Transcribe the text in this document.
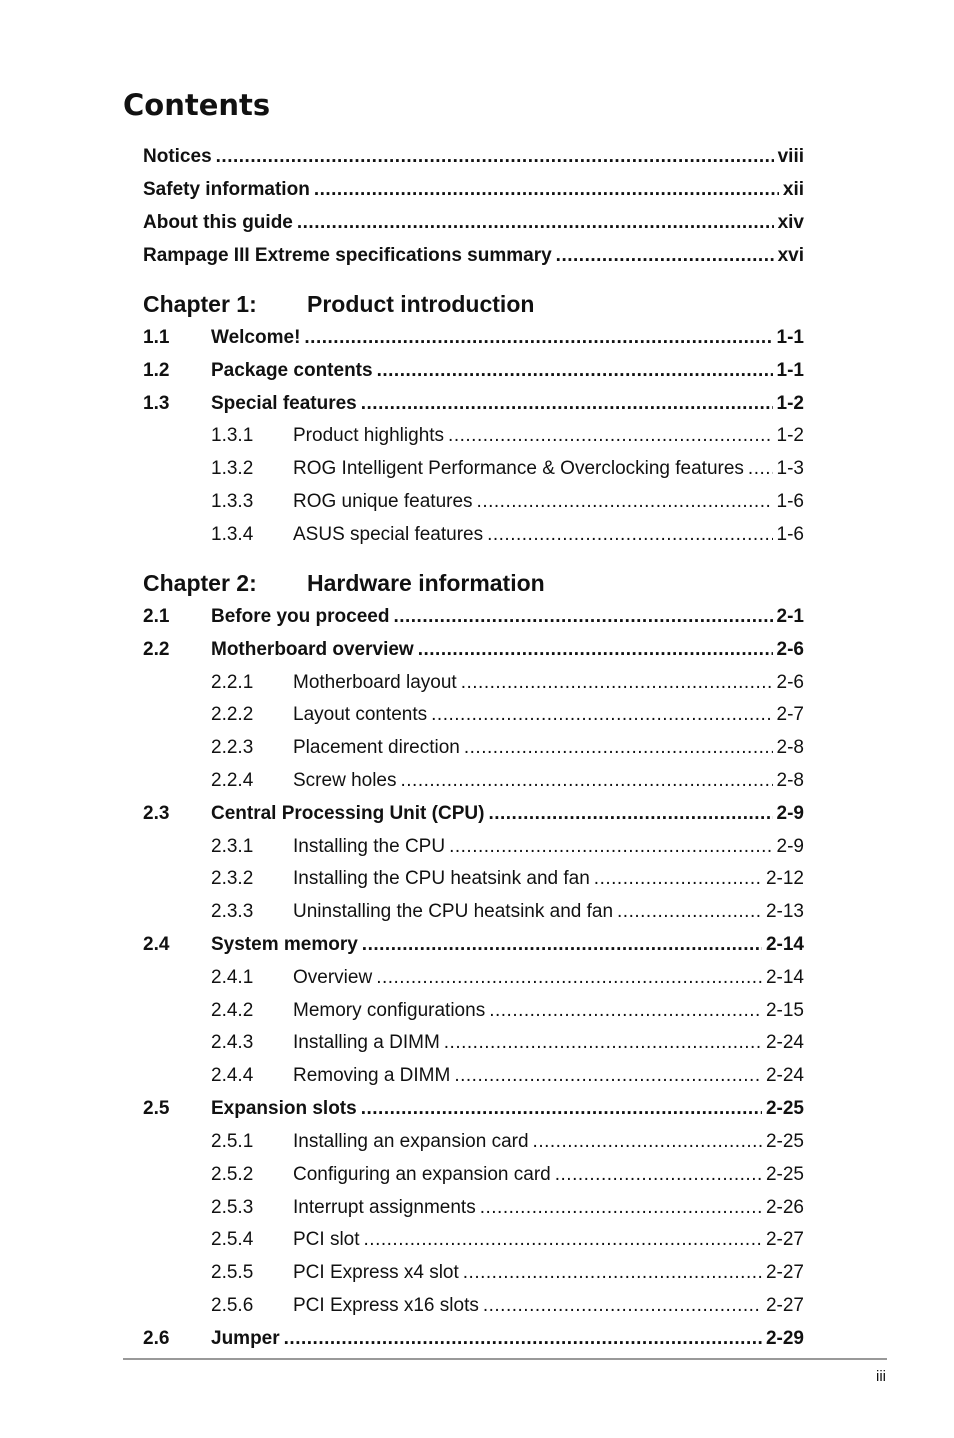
Contents
Notices .....	viii
Safety information .....	xii
About this guide .....	xiv
Rampage III Extreme specifications summary .....	xvi
Chapter 1: Product introduction
1.1	Welcome! .....	1-1
1.2	Package contents .....	1-1
1.3	Special features .....	1-2
1.3.1	Product highlights .....	1-2
1.3.2	ROG Intelligent Performance & Overclocking features ..... 1-3
1.3.3	ROG unique features .....	1-6
1.3.4	ASUS special features .....	1-6
Chapter 2: Hardware information
2.1	Before you proceed .....	2-1
2.2	Motherboard overview .....	2-6
2.2.1	Motherboard layout .....	2-6
2.2.2	Layout contents .....	2-7
2.2.3	Placement direction .....	2-8
2.2.4	Screw holes .....	2-8
2.3	Central Processing Unit (CPU) .....	2-9
2.3.1	Installing the CPU .....	2-9
2.3.2	Installing the CPU heatsink and fan .....	2-12
2.3.3	Uninstalling the CPU heatsink and fan .....	2-13
2.4	System memory .....	2-14
2.4.1	Overview .....	2-14
2.4.2	Memory configurations .....	2-15
2.4.3	Installing a DIMM .....	2-24
2.4.4	Removing a DIMM .....	2-24
2.5	Expansion slots .....	2-25
2.5.1	Installing an expansion card .....	2-25
2.5.2	Configuring an expansion card .....	2-25
2.5.3	Interrupt assignments .....	2-26
2.5.4	PCI slot .....	2-27
2.5.5	PCI Express x4 slot .....	2-27
2.5.6	PCI Express x16 slots .....	2-27
2.6	Jumper .....	2-29
iii
